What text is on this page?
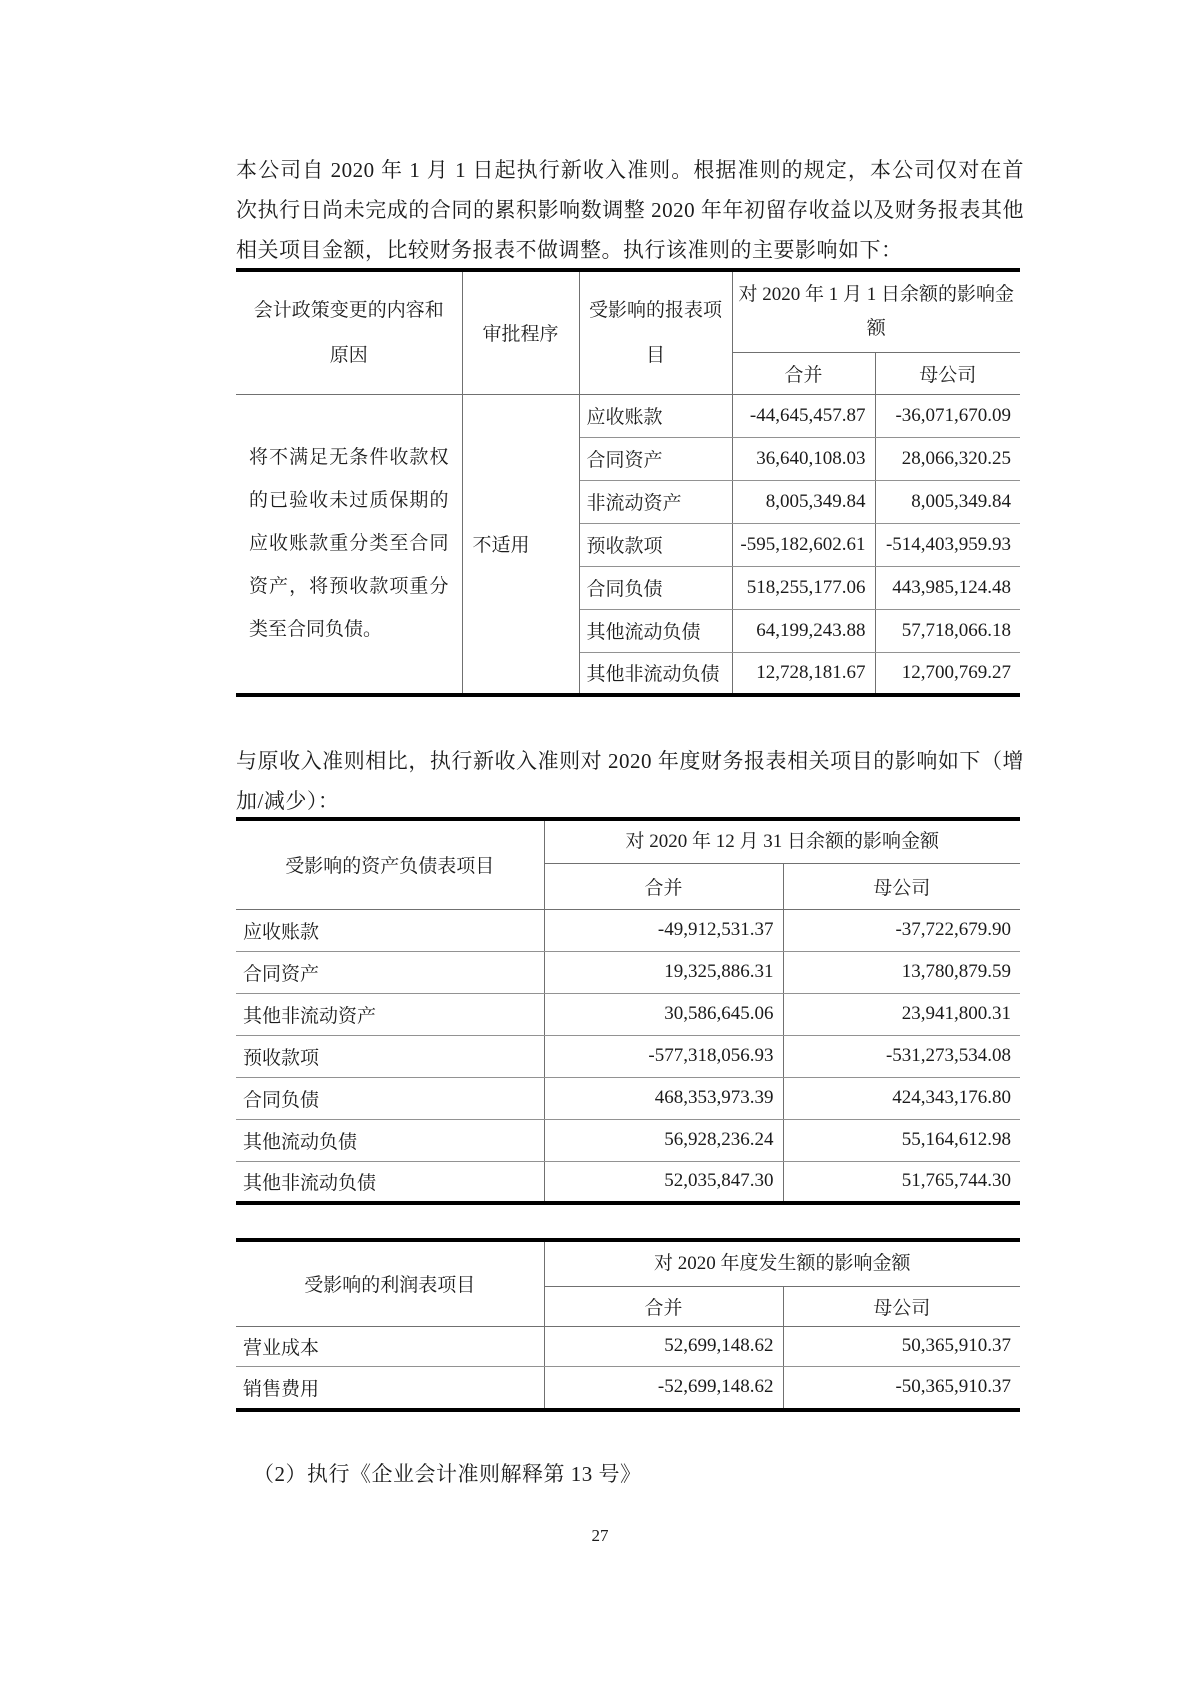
本公司自 2020 年 1 月 1 日起执行新收入准则。根据准则的规定，本公司仅对在首次执行日尚未完成的合同的累积影响数调整 2020 年年初留存收益以及财务报表其他相关项目金额，比较财务报表不做调整。执行该准则的主要影响如下：
会计政策变更的内容和原因	审批程序	受影响的报表项目	对 2020 年 1 月 1 日余额的影响金额	
			合并	母公司
将不满足无条件收款权的已验收未过质保期的应收账款重分类至合同资产，将预收款项重分类至合同负债。	不适用	应收账款	-44,645,457.87	-36,071,670.09
		合同资产	36,640,108.03	28,066,320.25
		非流动资产	8,005,349.84	8,005,349.84
		预收款项	-595,182,602.61	-514,403,959.93
		合同负债	518,255,177.06	443,985,124.48
		其他流动负债	64,199,243.88	57,718,066.18
		其他非流动负债	12,728,181.67	12,700,769.27
与原收入准则相比，执行新收入准则对 2020 年度财务报表相关项目的影响如下（增加/减少）：
受影响的资产负债表项目	对 2020 年 12 月 31 日余额的影响金额	
	合并	母公司
应收账款	-49,912,531.37	-37,722,679.90
合同资产	19,325,886.31	13,780,879.59
其他非流动资产	30,586,645.06	23,941,800.31
预收款项	-577,318,056.93	-531,273,534.08
合同负债	468,353,973.39	424,343,176.80
其他流动负债	56,928,236.24	55,164,612.98
其他非流动负债	52,035,847.30	51,765,744.30
受影响的利润表项目	对 2020 年度发生额的影响金额	
	合并	母公司
营业成本	52,699,148.62	50,365,910.37
销售费用	-52,699,148.62	-50,365,910.37
（2）执行《企业会计准则解释第 13 号》
27
